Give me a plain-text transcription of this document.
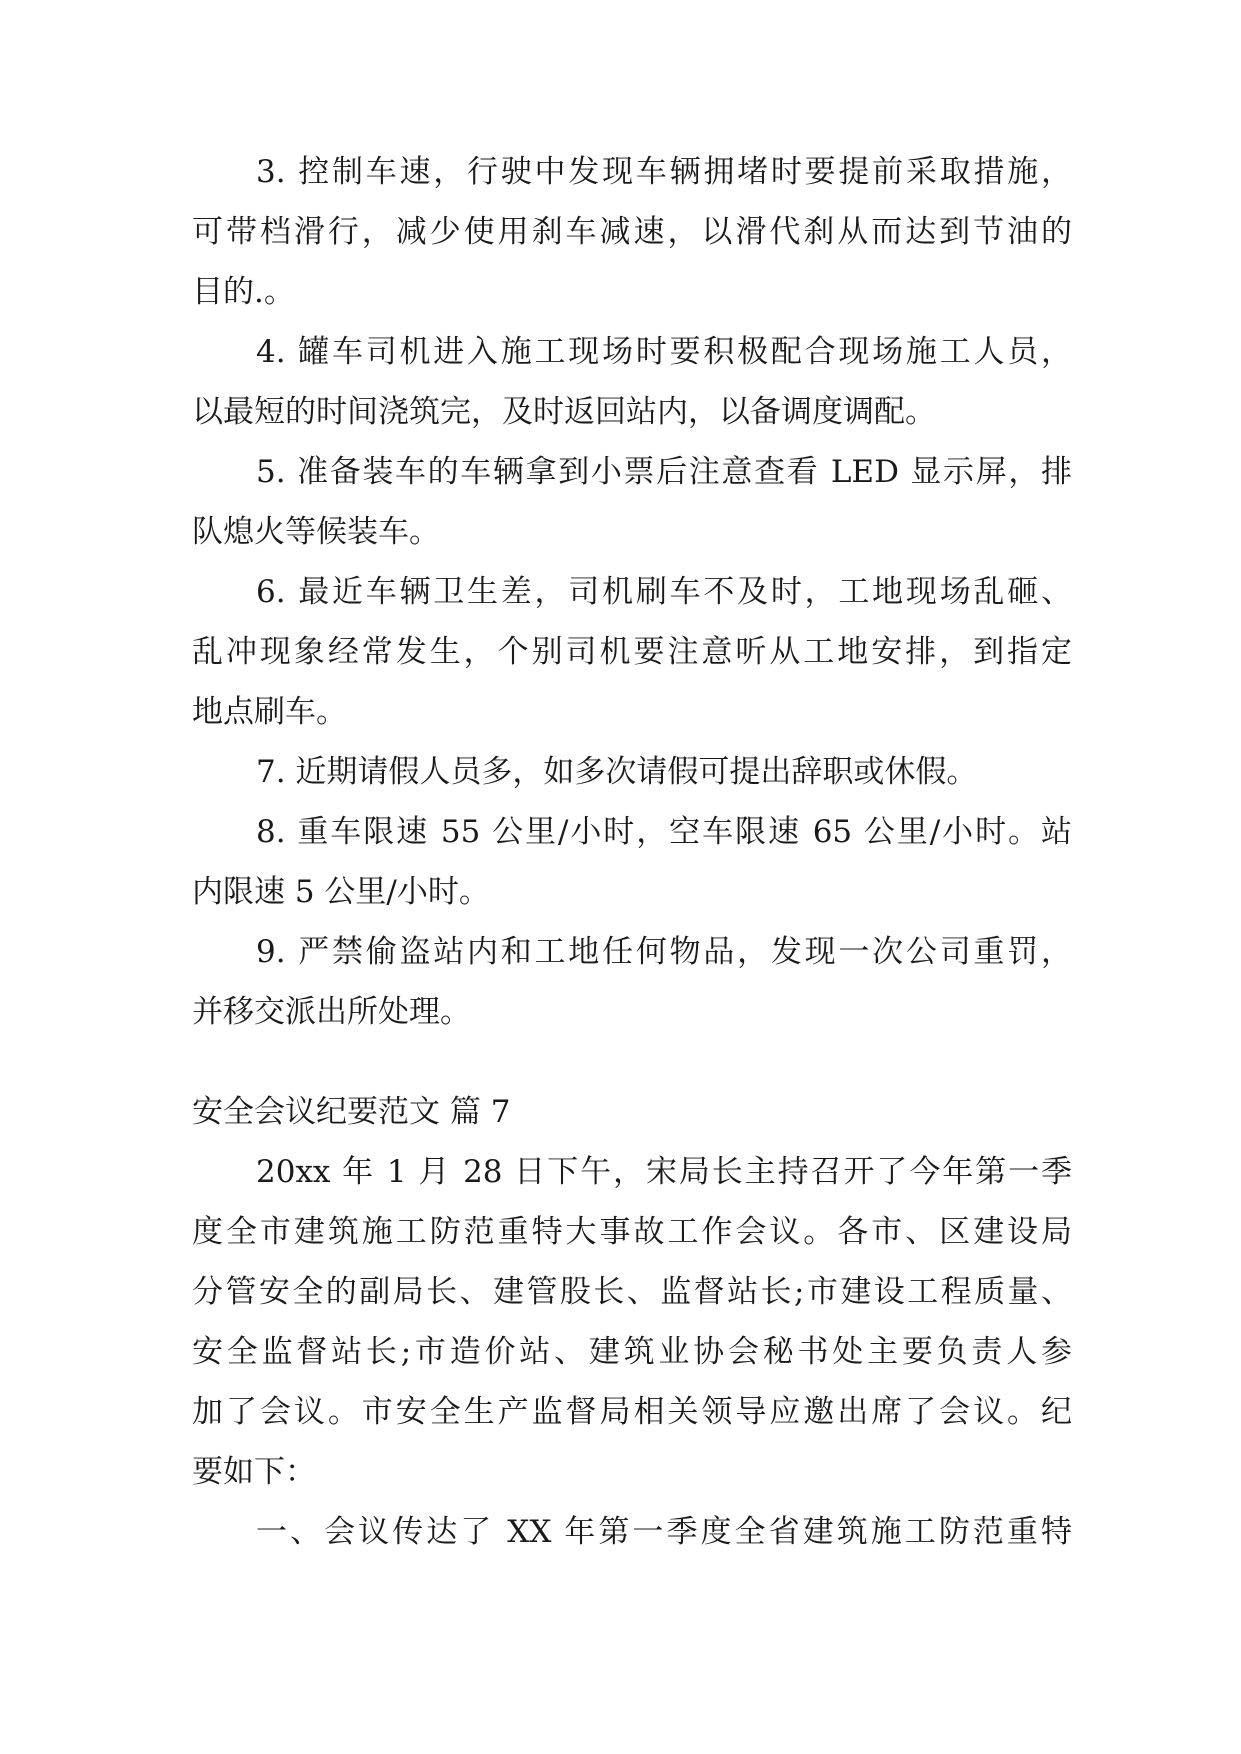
3. 控制车速，行驶中发现车辆拥堵时要提前采取措施，
可带档滑行，减少使用刹车减速，以滑代刹从而达到节油的
目的.。
4. 罐车司机进入施工现场时要积极配合现场施工人员，
以最短的时间浇筑完，及时返回站内，以备调度调配。
5. 准备装车的车辆拿到小票后注意查看 LED 显示屏，排
队熄火等候装车。
6. 最近车辆卫生差，司机刷车不及时，工地现场乱砸、
乱冲现象经常发生，个别司机要注意听从工地安排，到指定
地点刷车。
7. 近期请假人员多，如多次请假可提出辞职或休假。
8. 重车限速 55 公里/小时，空车限速 65 公里/小时。站
内限速 5 公里/小时。
9. 严禁偷盗站内和工地任何物品，发现一次公司重罚，
并移交派出所处理。
安全会议纪要范文 篇 7
20xx 年 1 月 28 日下午，宋局长主持召开了今年第一季
度全市建筑施工防范重特大事故工作会议。各市、区建设局
分管安全的副局长、建管股长、监督站长;市建设工程质量、
安全监督站长;市造价站、建筑业协会秘书处主要负责人参
加了会议。市安全生产监督局相关领导应邀出席了会议。纪
要如下：
一、会议传达了 XX 年第一季度全省建筑施工防范重特
